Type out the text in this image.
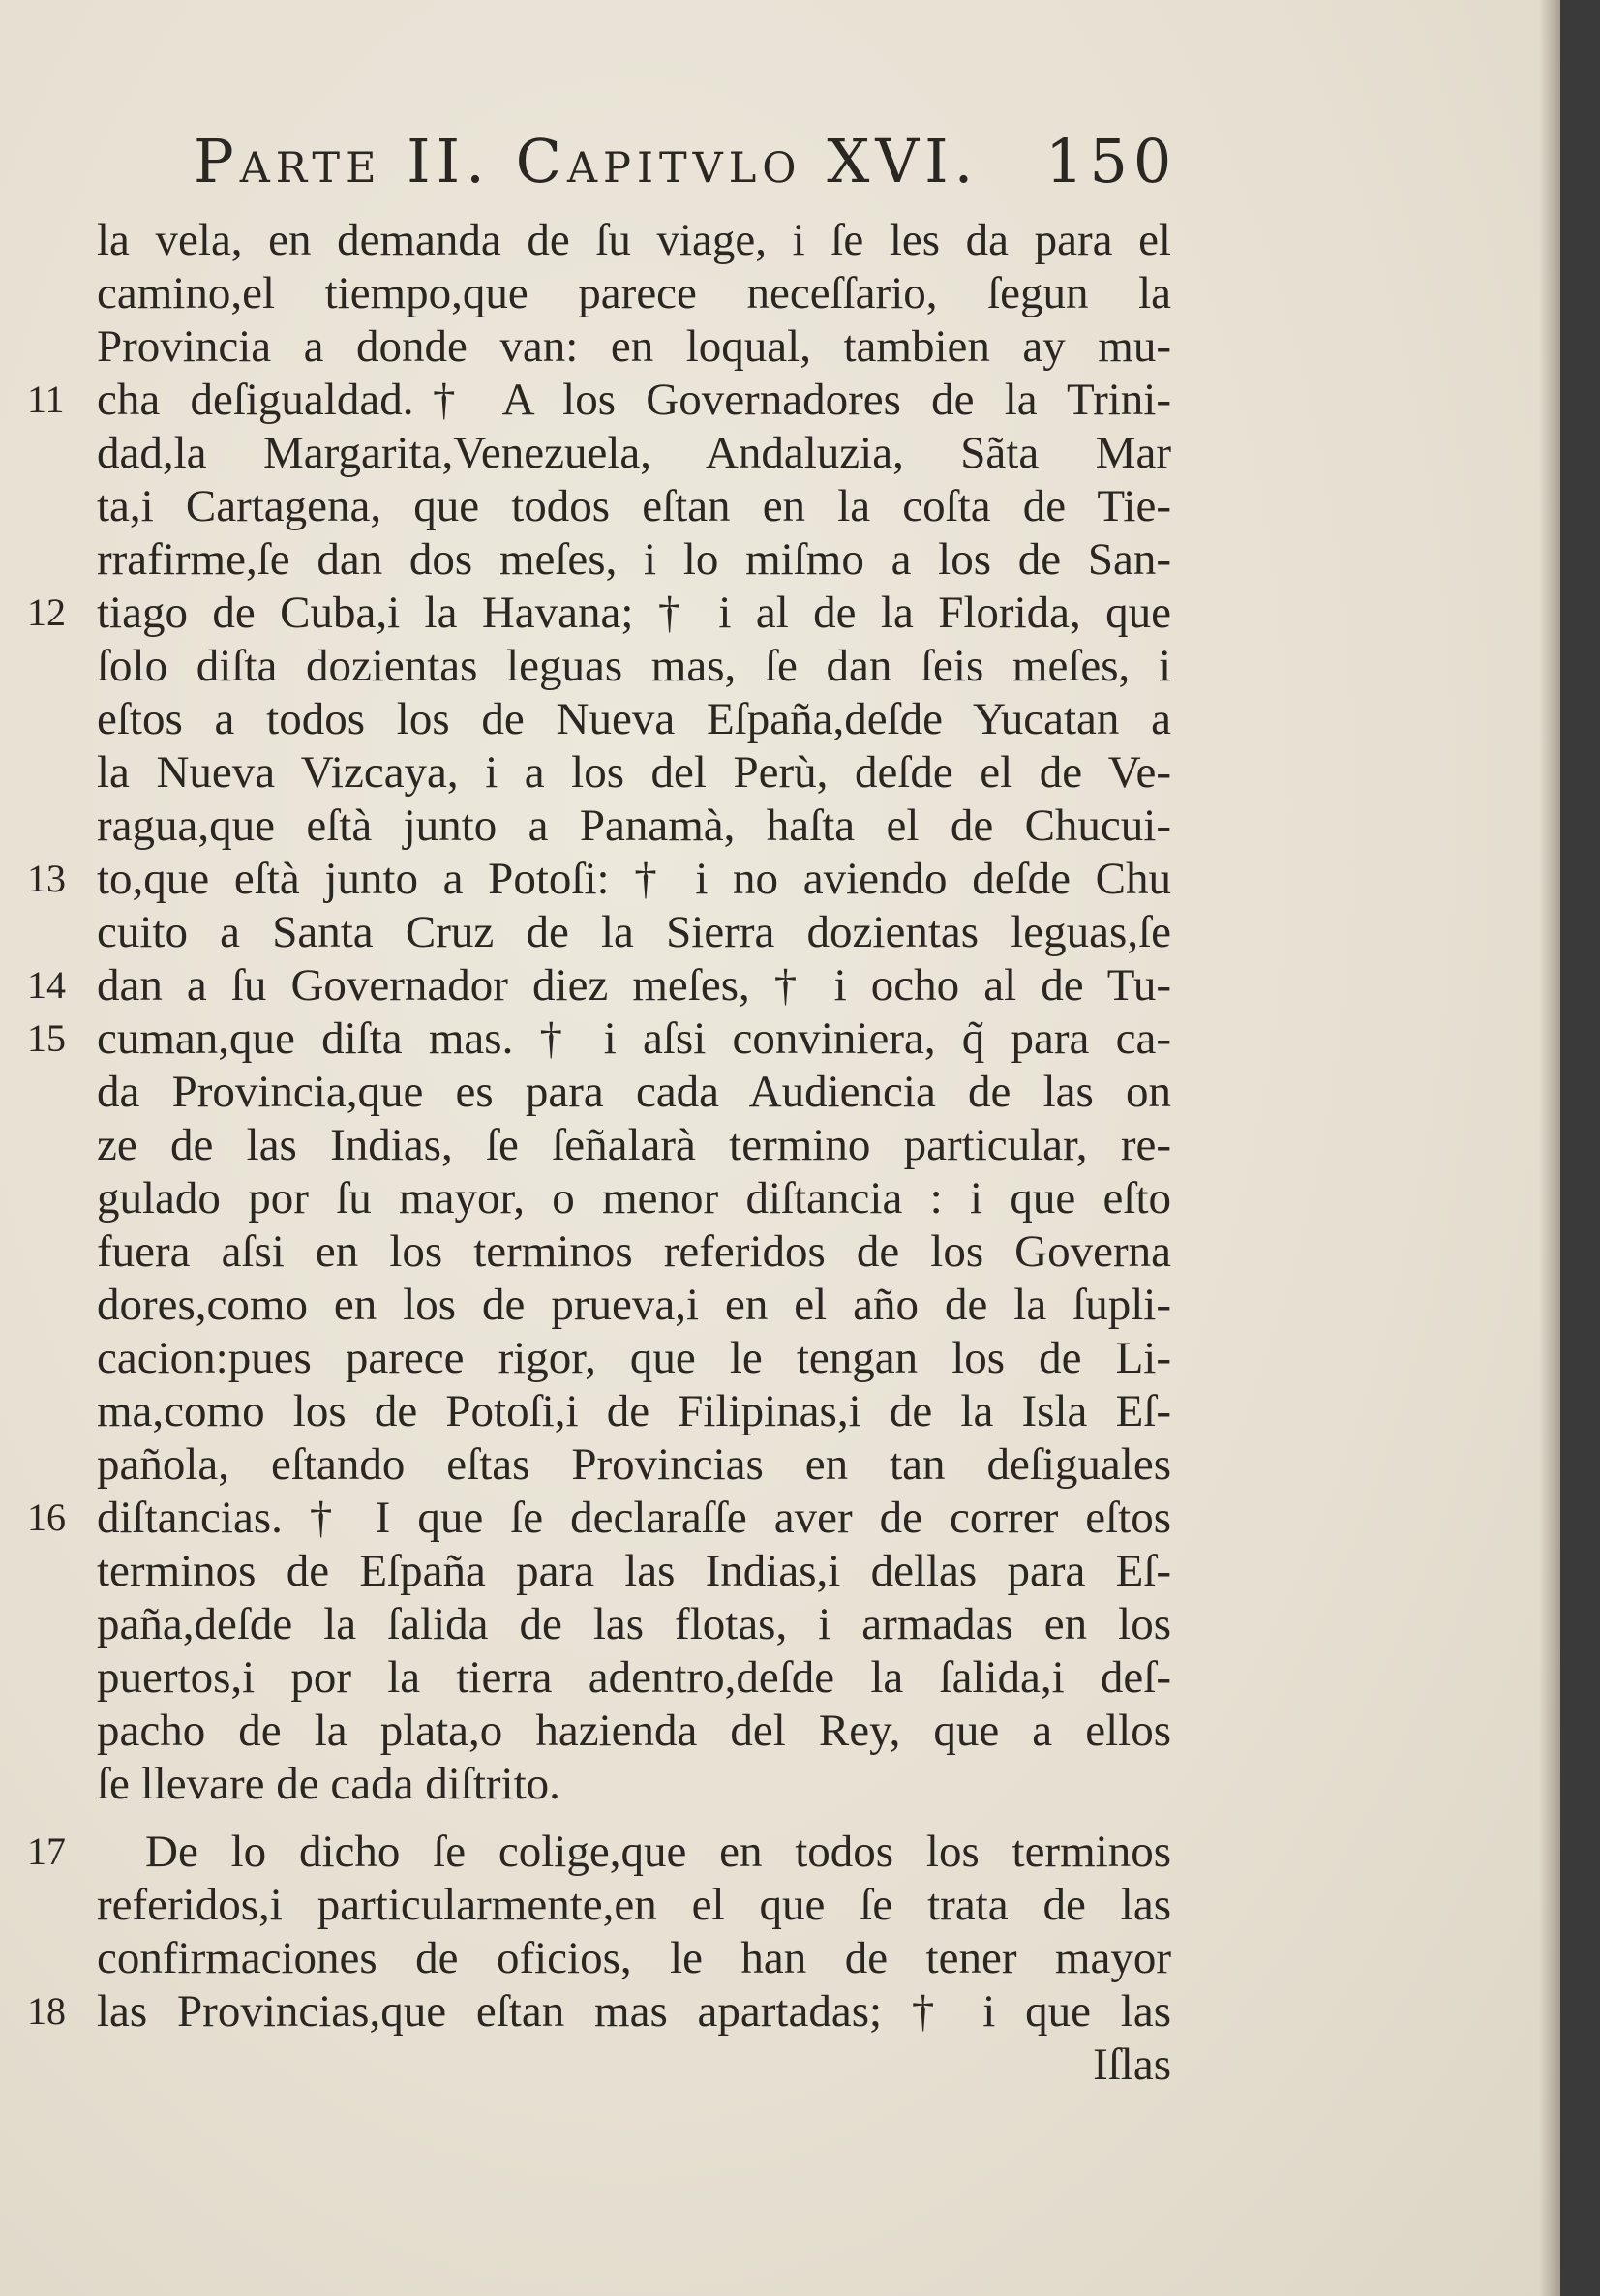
Parte II. Capitvlo XVI. 150
la vela, en demanda de ſu viage, i ſe les da para el
camino,el tiempo,que parece neceſſario, ſegun la
Provincia a donde van: en loqual, tambien ay mu-
cha deſigualdad.† A los Governadores de la Trini-
dad,la Margarita,Venezuela, Andaluzia, Sãta Mar
ta,i Cartagena, que todos eſtan en la coſta de Tie-
rrafirme,ſe dan dos meſes, i lo miſmo a los de San-
tiago de Cuba,i la Havana; † i al de la Florida, que
ſolo diſta dozientas leguas mas, ſe dan ſeis meſes, i
eſtos a todos los de Nueva Eſpaña,deſde Yucatan a
la Nueva Vizcaya, i a los del Perù, deſde el de Ve-
ragua,que eſtà junto a Panamà, haſta el de Chucui-
to,que eſtà junto a Potoſi: † i no aviendo deſde Chu
cuito a Santa Cruz de la Sierra dozientas leguas,ſe
dan a ſu Governador diez meſes, † i ocho al de Tu-
cuman,que diſta mas. † i aſsi conviniera, q̃ para ca-
da Provincia,que es para cada Audiencia de las on
ze de las Indias, ſe ſeñalarà termino particular, re-
gulado por ſu mayor, o menor diſtancia : i que eſto
fuera aſsi en los terminos referidos de los Governa
dores,como en los de prueva,i en el año de la ſupli-
cacion:pues parece rigor, que le tengan los de Li-
ma,como los de Potoſi,i de Filipinas,i de la Isla Eſ-
pañola, eſtando eſtas Provincias en tan deſiguales
diſtancias. † I que ſe declaraſſe aver de correr eſtos
terminos de Eſpaña para las Indias,i dellas para Eſ-
paña,deſde la ſalida de las flotas, i armadas en los
puertos,i por la tierra adentro,deſde la ſalida,i deſ-
pacho de la plata,o hazienda del Rey, que a ellos
ſe llevare de cada diſtrito.
De lo dicho ſe colige,que en todos los terminos
referidos,i particularmente,en el que ſe trata de las
confirmaciones de oficios, le han de tener mayor
las Provincias,que eſtan mas apartadas; † i que las
Iſlas
11
12
13
14
15
16
17
18
